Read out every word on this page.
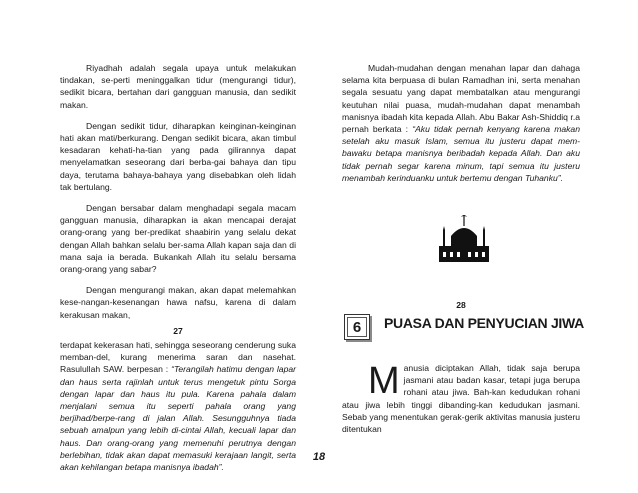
Riyadhah adalah segala upaya untuk melakukan tindakan, se-perti meninggalkan tidur (mengurangi tidur), sedikit bicara, bertahan dari gangguan manusia, dan sedikit makan.

Dengan sedikit tidur, diharapkan keinginan-keinginan hati akan mati/berkurang. Dengan sedikit bicara, akan timbul kesadaran kehati-ha-tian yang pada gilirannya dapat menyelamatkan seseorang dari berba-gai bahaya dan tipu daya, terutama bahaya-bahaya yang disebabkan oleh lidah tak bertulang.

Dengan bersabar dalam menghadapi segala macam gangguan manusia, diharapkan ia akan mencapai derajat orang-orang yang ber-predikat shaabirin yang selalu dekat dengan Allah bahkan selalu ber-sama Allah kapan saja dan di mana saja ia berada. Bukankah Allah itu selalu bersama orang-orang yang sabar?

Dengan mengurangi makan, akan dapat melemahkan kese-nangan-kesenangan hawa nafsu, karena di dalam kerakusan makan,

27

terdapat kekerasan hati, sehingga seseorang cenderung suka memban-del, kurang menerima saran dan nasehat. Rasulullah SAW. berpesan : “Terangilah hatimu dengan lapar dan haus serta rajinlah untuk terus mengetuk pintu Sorga dengan lapar dan haus itu pula. Karena pahala dalam menjalani semua itu seperti pahala orang yang berjihad/berpe-rang di jalan Allah. Sesungguhnya tiada sebuah amalpun yang lebih di-cintai Allah, kecuali lapar dan haus. Dan orang-orang yang memenuhi perutnya dengan berlebihan, tidak akan dapat memasuki kerajaan langit, serta akan kehilangan betapa manisnya ibadah”.

Mudah-mudahan dengan menahan lapar dan dahaga selama kita berpuasa di bulan Ramadhan ini, serta menahan segala sesuatu yang dapat membatalkan atau mengurangi keutuhan nilai puasa, mudah-mudahan dapat menambah manisnya ibadah kita kepada Allah. Abu Bakar Ash-Shiddiq r.a pernah berkata : “Aku tidak pernah kenyang karena makan setelah aku masuk Islam, semua itu justeru dapat mem-bawaku betapa manisnya beribadah kepada Allah. Dan aku tidak pernah segar karena minum, tapi semua itu justeru menambah kerinduanku untuk bertemu dengan Tuhanku”.

28
6	PUASA DAN PENYUCIAN JIWA
M anusia diciptakan Allah, tidak saja berupa jasmani atau badan kasar, tetapi juga berupa rohani atau jiwa. Bah-kan kedudukan rohani atau jiwa lebih tinggi dibanding-kan kedudukan jasmani. Sebab yang menentukan gerak-gerik aktivitas manusia justeru ditentukan

18
